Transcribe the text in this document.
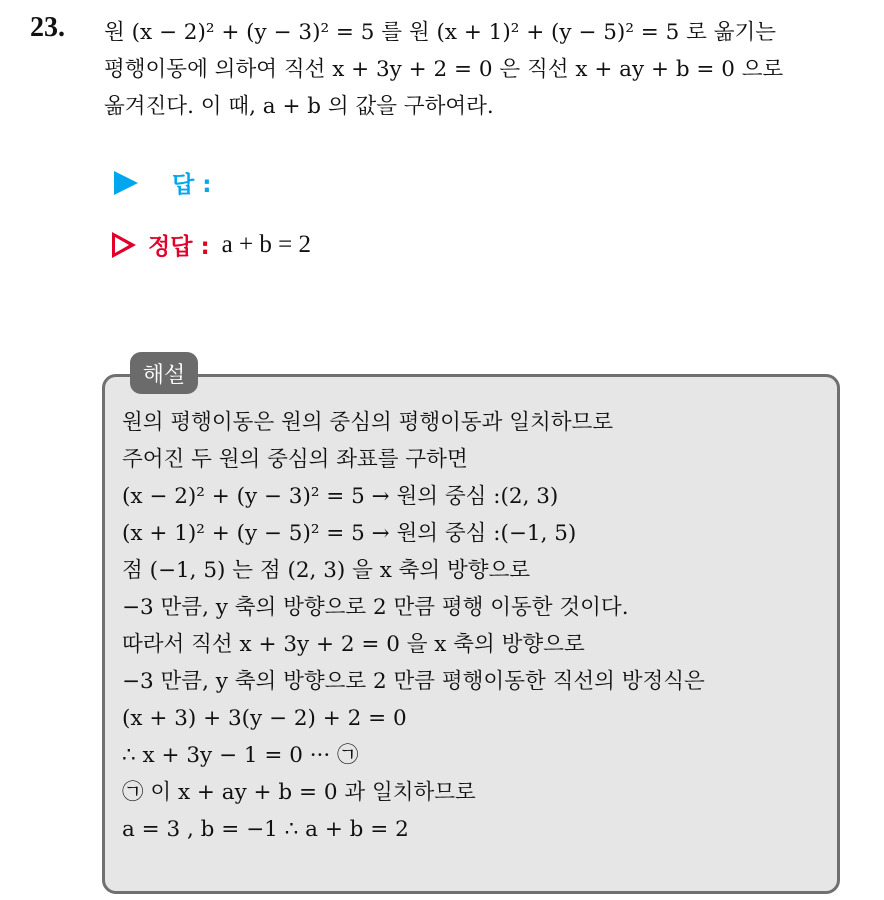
23. 원 (x − 2)² + (y − 3)² = 5 를 원 (x + 1)² + (y − 5)² = 5 로 옮기는
평행이동에 의하여 직선 x + 3y + 2 = 0 은 직선 x + ay + b = 0 으로
옮겨진다. 이 때, a + b 의 값을 구하여라.
답 :
정답 : a + b = 2
해설
원의 평행이동은 원의 중심의 평행이동과 일치하므로
주어진 두 원의 중심의 좌표를 구하면
(x − 2)² + (y − 3)² = 5 → 원의 중심 :(2, 3)
(x + 1)² + (y − 5)² = 5 → 원의 중심 :(−1, 5)
점 (−1, 5) 는 점 (2, 3) 을 x 축의 방향으로
−3 만큼, y 축의 방향으로 2 만큼 평행 이동한 것이다.
따라서 직선 x + 3y + 2 = 0 을 x 축의 방향으로
−3 만큼, y 축의 방향으로 2 만큼 평행이동한 직선의 방정식은
(x + 3) + 3(y − 2) + 2 = 0
∴ x + 3y − 1 = 0 ··· ㉠
㉠ 이 x + ay + b = 0 과 일치하므로
a = 3 , b = −1 ∴ a + b = 2
